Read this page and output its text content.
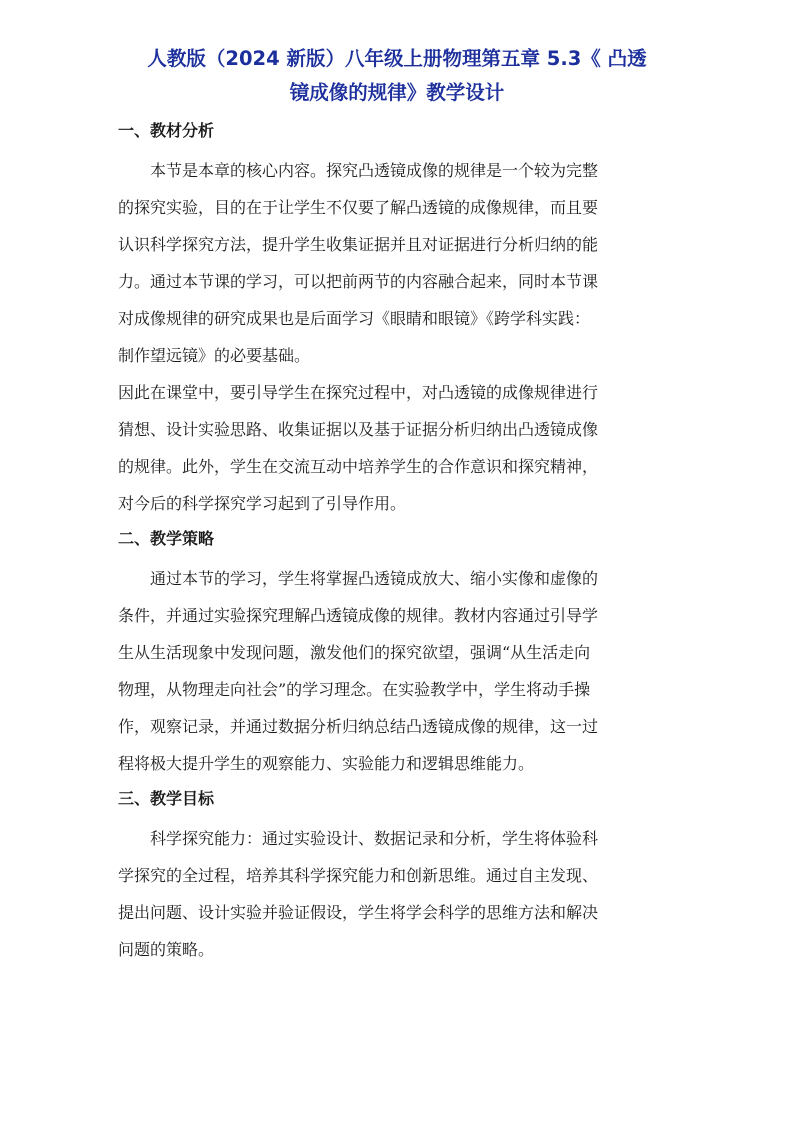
人教版（2024 新版）八年级上册物理第五章 5.3《 凸透
镜成像的规律》教学设计
一、教材分析

本节是本章的核心内容。探究凸透镜成像的规律是一个较为完整
的探究实验，目的在于让学生不仅要了解凸透镜的成像规律，而且要
认识科学探究方法，提升学生收集证据并且对证据进行分析归纳的能
力。通过本节课的学习，可以把前两节的内容融合起来，同时本节课
对成像规律的研究成果也是后面学习《眼睛和眼镜》《跨学科实践：
制作望远镜》的必要基础。

因此在课堂中，要引导学生在探究过程中，对凸透镜的成像规律进行
猜想、设计实验思路、收集证据以及基于证据分析归纳出凸透镜成像
的规律。此外，学生在交流互动中培养学生的合作意识和探究精神，
对今后的科学探究学习起到了引导作用。

二、教学策略

通过本节的学习，学生将掌握凸透镜成放大、缩小实像和虚像的
条件，并通过实验探究理解凸透镜成像的规律。教材内容通过引导学
生从生活现象中发现问题，激发他们的探究欲望，强调“从生活走向
物理，从物理走向社会”的学习理念。在实验教学中，学生将动手操
作，观察记录，并通过数据分析归纳总结凸透镜成像的规律，这一过
程将极大提升学生的观察能力、实验能力和逻辑思维能力。

三、教学目标

科学探究能力：通过实验设计、数据记录和分析，学生将体验科
学探究的全过程，培养其科学探究能力和创新思维。通过自主发现、
提出问题、设计实验并验证假设，学生将学会科学的思维方法和解决
问题的策略。
